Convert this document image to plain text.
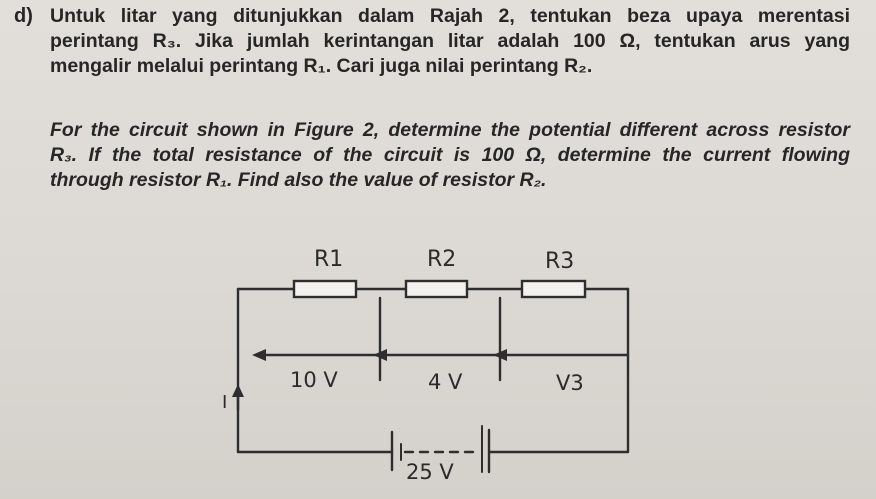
d) Untuk litar yang ditunjukkan dalam Rajah 2, tentukan beza upaya merentasi
perintang R₃. Jika jumlah kerintangan litar adalah 100 Ω, tentukan arus yang
mengalir melalui perintang R₁. Cari juga nilai perintang R₂.
For the circuit shown in Figure 2, determine the potential different across resistor
R₃. If the total resistance of the circuit is 100 Ω, determine the current flowing
through resistor R₁. Find also the value of resistor R₂.
R1	R2	R3
10 V	4 V	V3
I
25 V
